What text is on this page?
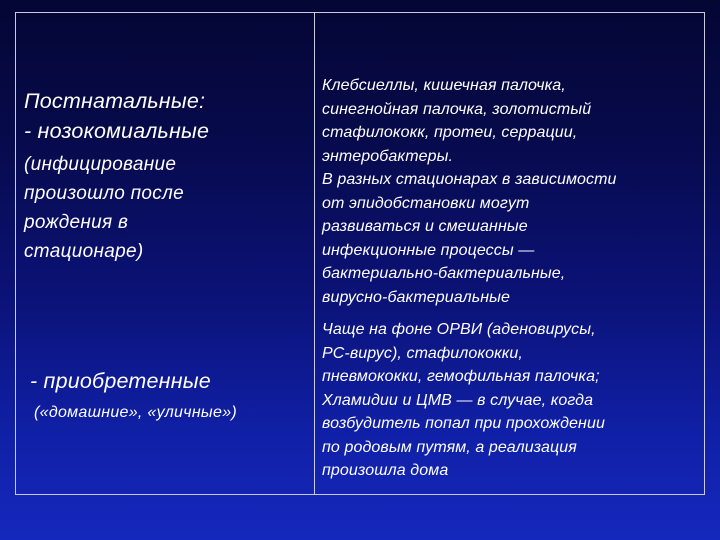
Постнатальные:
- нозокомиальные
(инфицирование
произошло после
рождения в
стационаре)
Клебсиеллы, кишечная палочка,
синегнойная палочка, золотистый
стафилококк, протеи, серрации,
энтеробактеры.
В разных стационарах в зависимости
от эпидобстановки могут
развиваться и смешанные
инфекционные процессы —
бактериально-бактериальные,
вирусно-бактериальные
- приобретенные
(«домашние», «уличные»)
Чаще на фоне ОРВИ (аденовирусы,
РС-вирус), стафилококки,
пневмококки, гемофильная палочка;
Хламидии и ЦМВ — в случае, когда
возбудитель попал при прохождении
по родовым путям, а реализация
произошла дома
